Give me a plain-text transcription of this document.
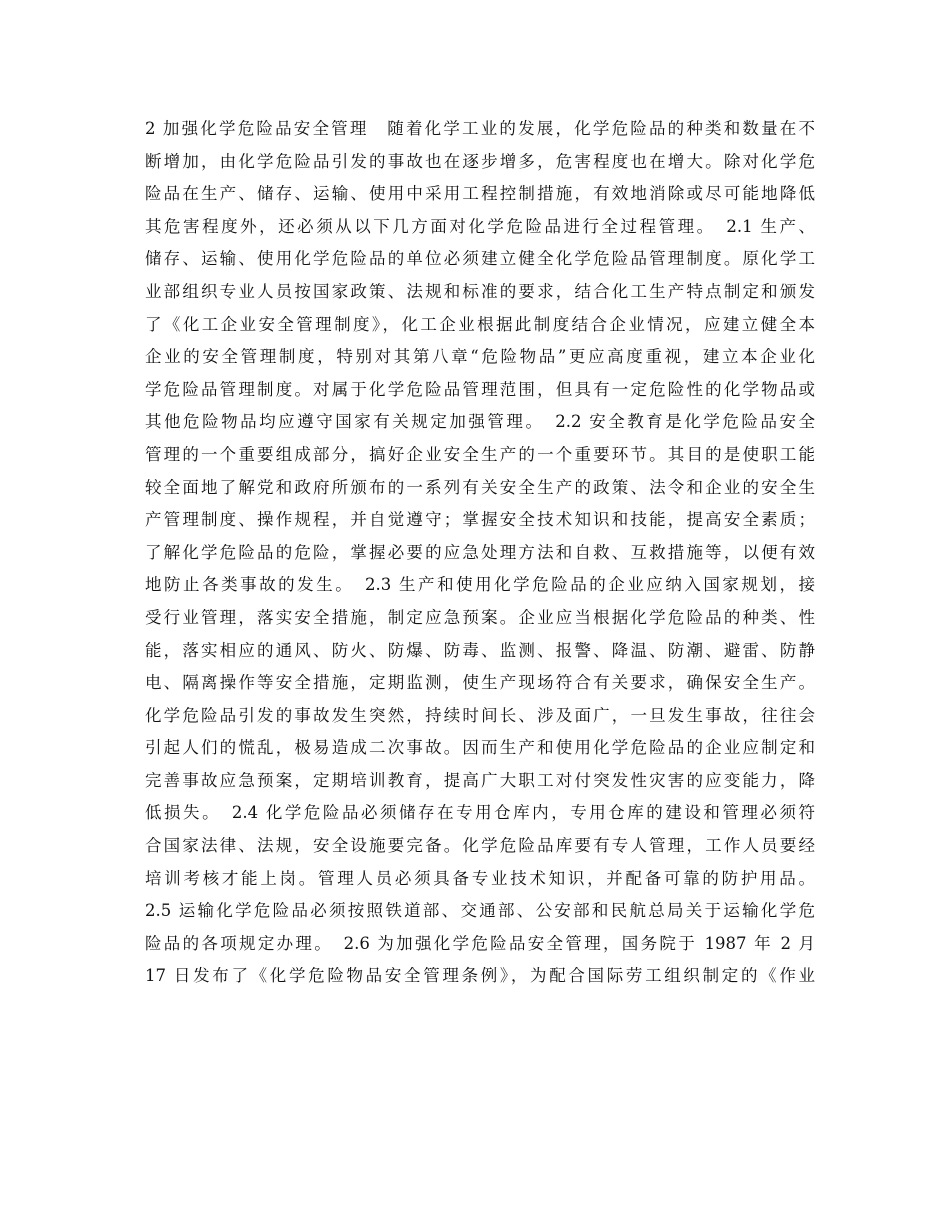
2 加强化学危险品安全管理　随着化学工业的发展，化学危险品的种类和数量在不
断增加，由化学危险品引发的事故也在逐步增多，危害程度也在增大。除对化学危
险品在生产、储存、运输、使用中采用工程控制措施，有效地消除或尽可能地降低
其危害程度外，还必须从以下几方面对化学危险品进行全过程管理。　2.1 生产、
储存、运输、使用化学危险品的单位必须建立健全化学危险品管理制度。原化学工
业部组织专业人员按国家政策、法规和标准的要求，结合化工生产特点制定和颁发
了《化工企业安全管理制度》，化工企业根据此制度结合企业情况，应建立健全本
企业的安全管理制度，特别对其第八章“危险物品”更应高度重视，建立本企业化
学危险品管理制度。对属于化学危险品管理范围，但具有一定危险性的化学物品或
其他危险物品均应遵守国家有关规定加强管理。　2.2 安全教育是化学危险品安全
管理的一个重要组成部分，搞好企业安全生产的一个重要环节。其目的是使职工能
较全面地了解党和政府所颁布的一系列有关安全生产的政策、法令和企业的安全生
产管理制度、操作规程，并自觉遵守；掌握安全技术知识和技能，提高安全素质；
了解化学危险品的危险，掌握必要的应急处理方法和自救、互救措施等，以便有效
地防止各类事故的发生。　2.3 生产和使用化学危险品的企业应纳入国家规划，接
受行业管理，落实安全措施，制定应急预案。企业应当根据化学危险品的种类、性
能，落实相应的通风、防火、防爆、防毒、监测、报警、降温、防潮、避雷、防静
电、隔离操作等安全措施，定期监测，使生产现场符合有关要求，确保安全生产。
化学危险品引发的事故发生突然，持续时间长、涉及面广，一旦发生事故，往往会
引起人们的慌乱，极易造成二次事故。因而生产和使用化学危险品的企业应制定和
完善事故应急预案，定期培训教育，提高广大职工对付突发性灾害的应变能力，降
低损失。　2.4 化学危险品必须储存在专用仓库内，专用仓库的建设和管理必须符
合国家法律、法规，安全设施要完备。化学危险品库要有专人管理，工作人员要经
培训考核才能上岗。管理人员必须具备专业技术知识，并配备可靠的防护用品。
2.5 运输化学危险品必须按照铁道部、交通部、公安部和民航总局关于运输化学危
险品的各项规定办理。　2.6 为加强化学危险品安全管理，国务院于 1987 年 2 月
17 日发布了《化学危险物品安全管理条例》，为配合国际劳工组织制定的《作业
